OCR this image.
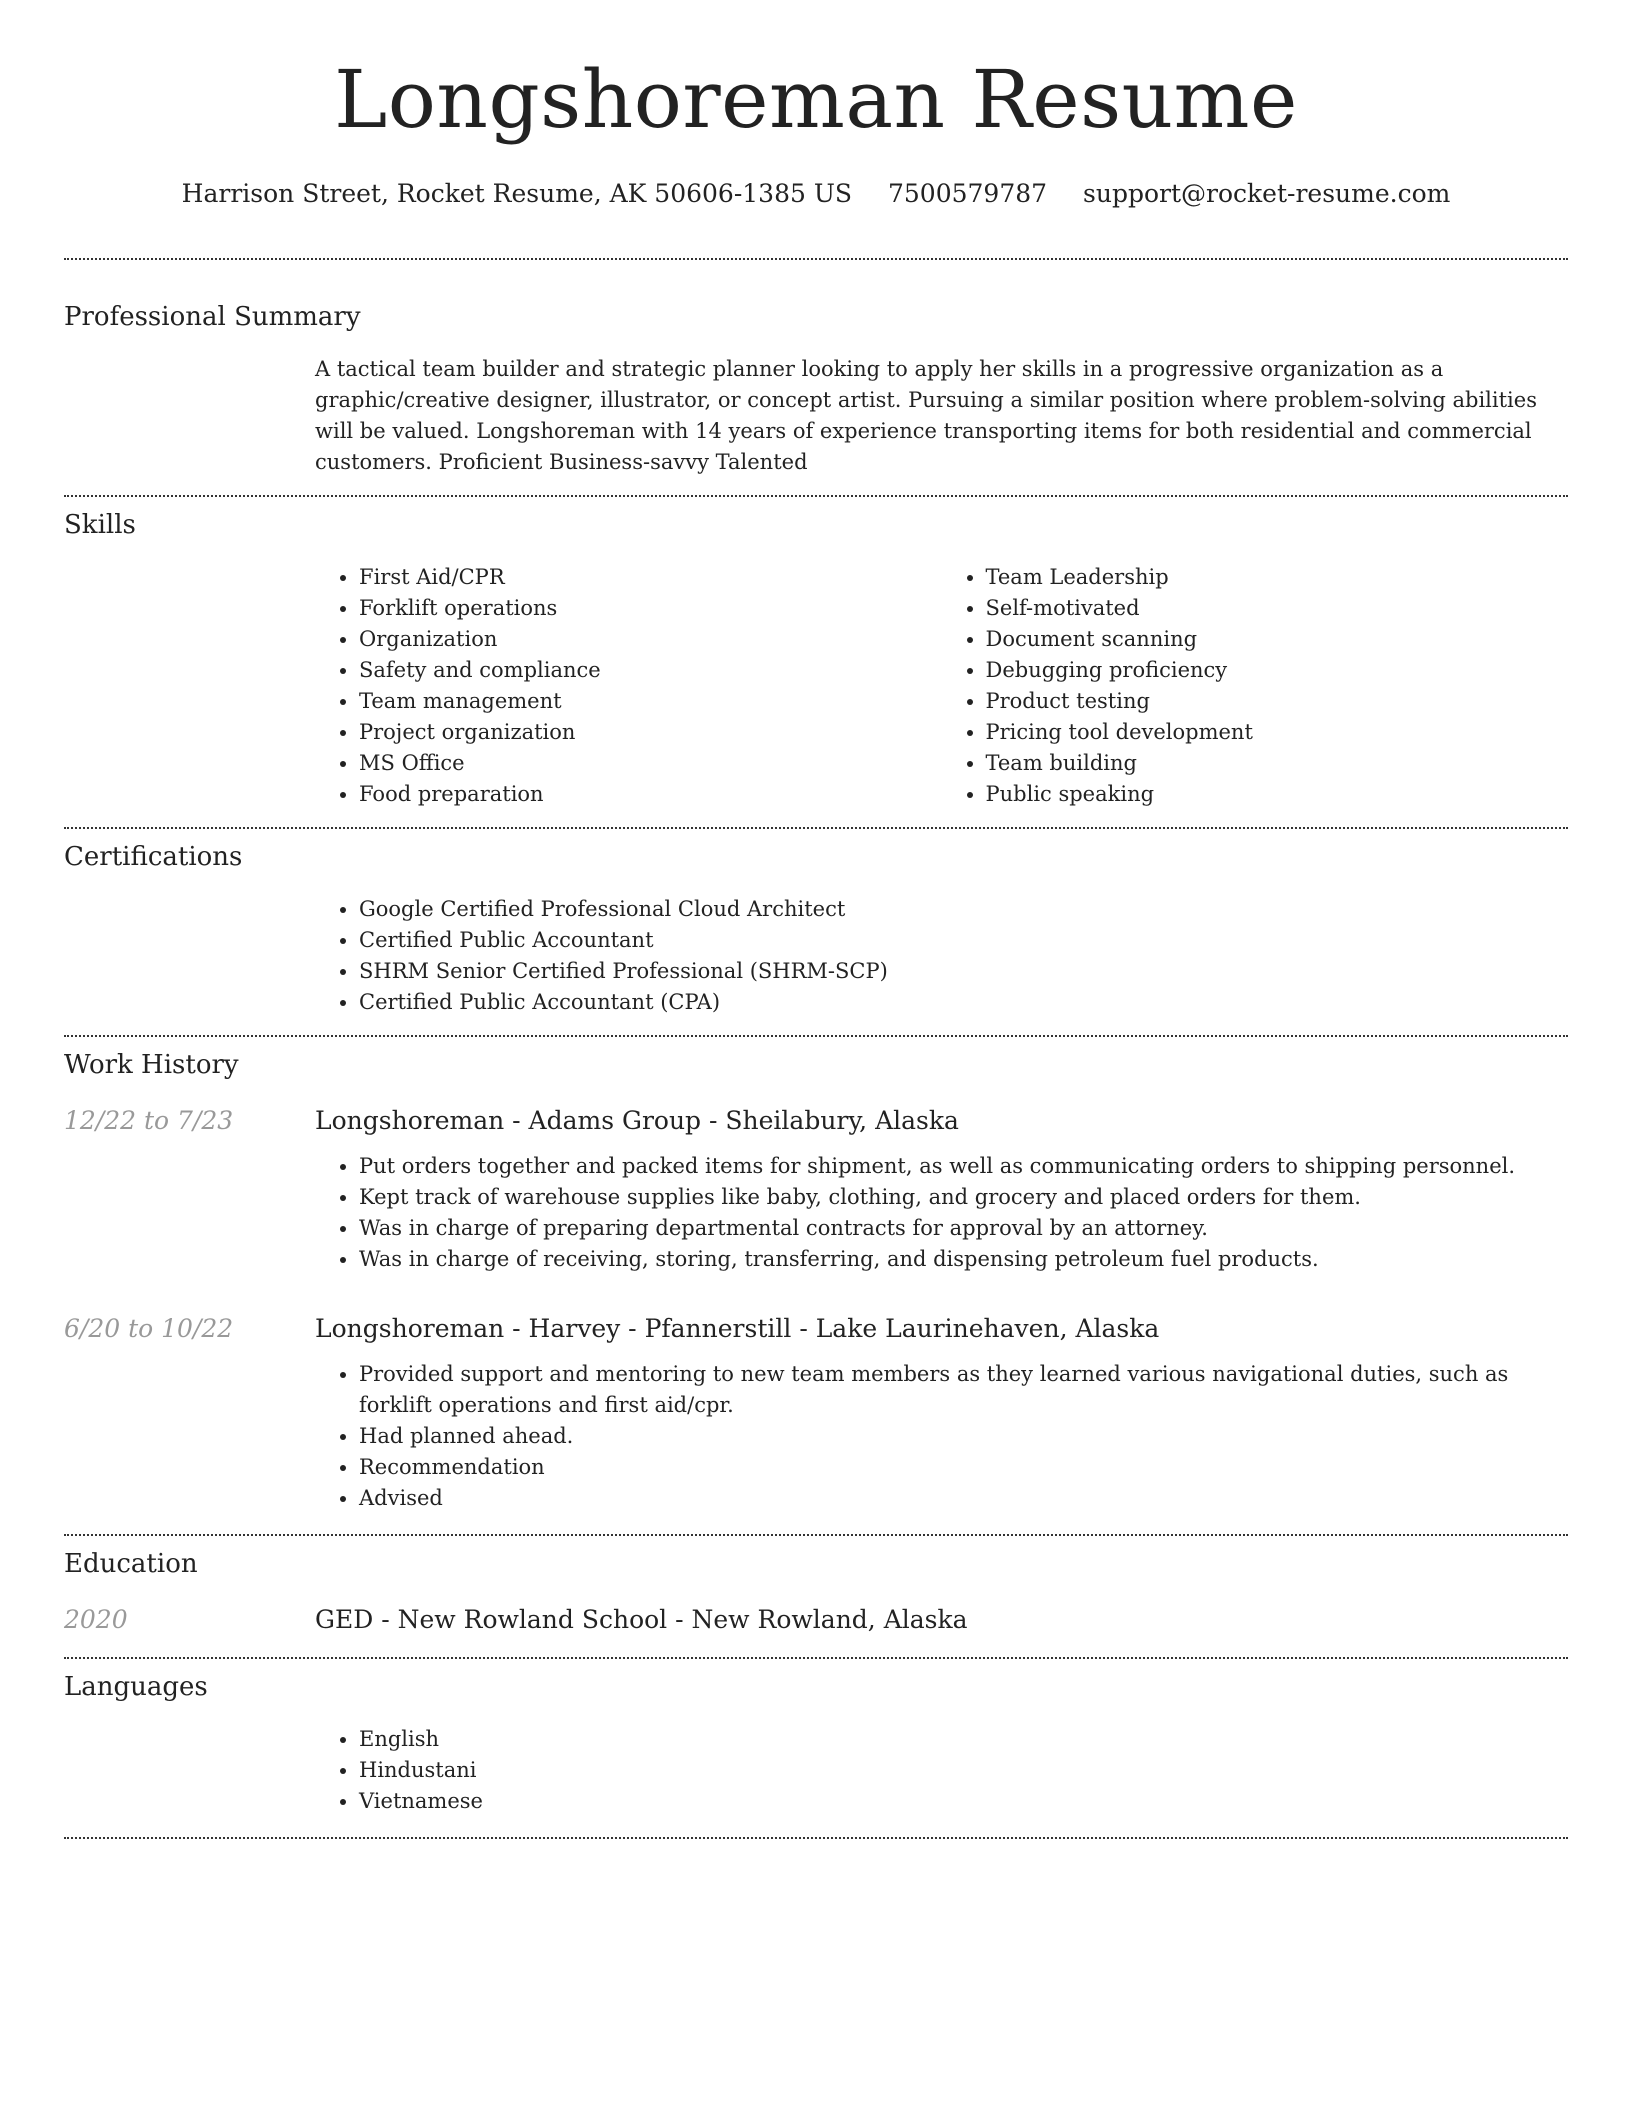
Longshoreman Resume
Harrison Street, Rocket Resume, AK 50606-1385 US 7500579787 support@rocket-resume.com
Professional Summary

A tactical team builder and strategic planner looking to apply her skills in a progressive organization as a graphic/creative designer, illustrator, or concept artist. Pursuing a similar position where problem-solving abilities will be valued. Longshoreman with 14 years of experience transporting items for both residential and commercial customers. Proficient Business-savvy Talented

Skills
• First Aid/CPR
• Forklift operations
• Organization
• Safety and compliance
• Team management
• Project organization
• MS Office
• Food preparation
• Team Leadership
• Self-motivated
• Document scanning
• Debugging proficiency
• Product testing
• Pricing tool development
• Team building
• Public speaking
Certifications
• Google Certified Professional Cloud Architect
• Certified Public Accountant
• SHRM Senior Certified Professional (SHRM-SCP)
• Certified Public Accountant (CPA)
Work History
12/22 to 7/23	Longshoreman - Adams Group - Sheilabury, Alaska
• Put orders together and packed items for shipment, as well as communicating orders to shipping personnel.
• Kept track of warehouse supplies like baby, clothing, and grocery and placed orders for them.
• Was in charge of preparing departmental contracts for approval by an attorney.
• Was in charge of receiving, storing, transferring, and dispensing petroleum fuel products.
6/20 to 10/22	Longshoreman - Harvey - Pfannerstill - Lake Laurinehaven, Alaska
• Provided support and mentoring to new team members as they learned various navigational duties, such as forklift operations and first aid/cpr.
• Had planned ahead.
• Recommendation
• Advised
Education
2020	GED - New Rowland School - New Rowland, Alaska
Languages
• English
• Hindustani
• Vietnamese
